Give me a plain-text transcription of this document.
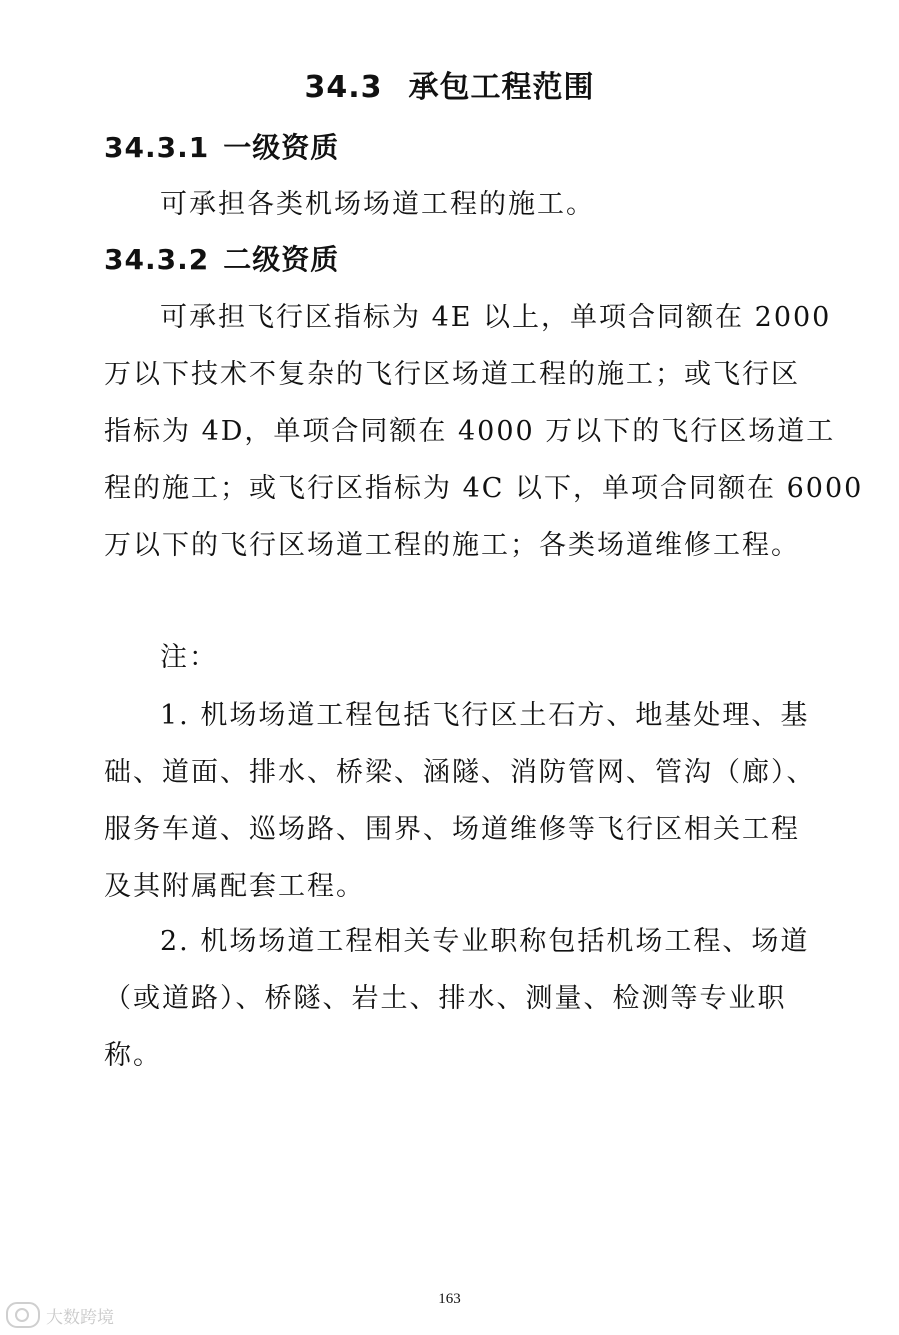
34.3 承包工程范围
34.3.1 一级资质
可承担各类机场场道工程的施工。
34.3.2 二级资质
可承担飞行区指标为 4E 以上，单项合同额在 2000
万以下技术不复杂的飞行区场道工程的施工；或飞行区
指标为 4D，单项合同额在 4000 万以下的飞行区场道工
程的施工；或飞行区指标为 4C 以下，单项合同额在 6000
万以下的飞行区场道工程的施工；各类场道维修工程。
注：
1. 机场场道工程包括飞行区土石方、地基处理、基
础、道面、排水、桥梁、涵隧、消防管网、管沟（廊）、
服务车道、巡场路、围界、场道维修等飞行区相关工程
及其附属配套工程。
2. 机场场道工程相关专业职称包括机场工程、场道
（或道路）、桥隧、岩土、排水、测量、检测等专业职
称。
163
大数跨境
